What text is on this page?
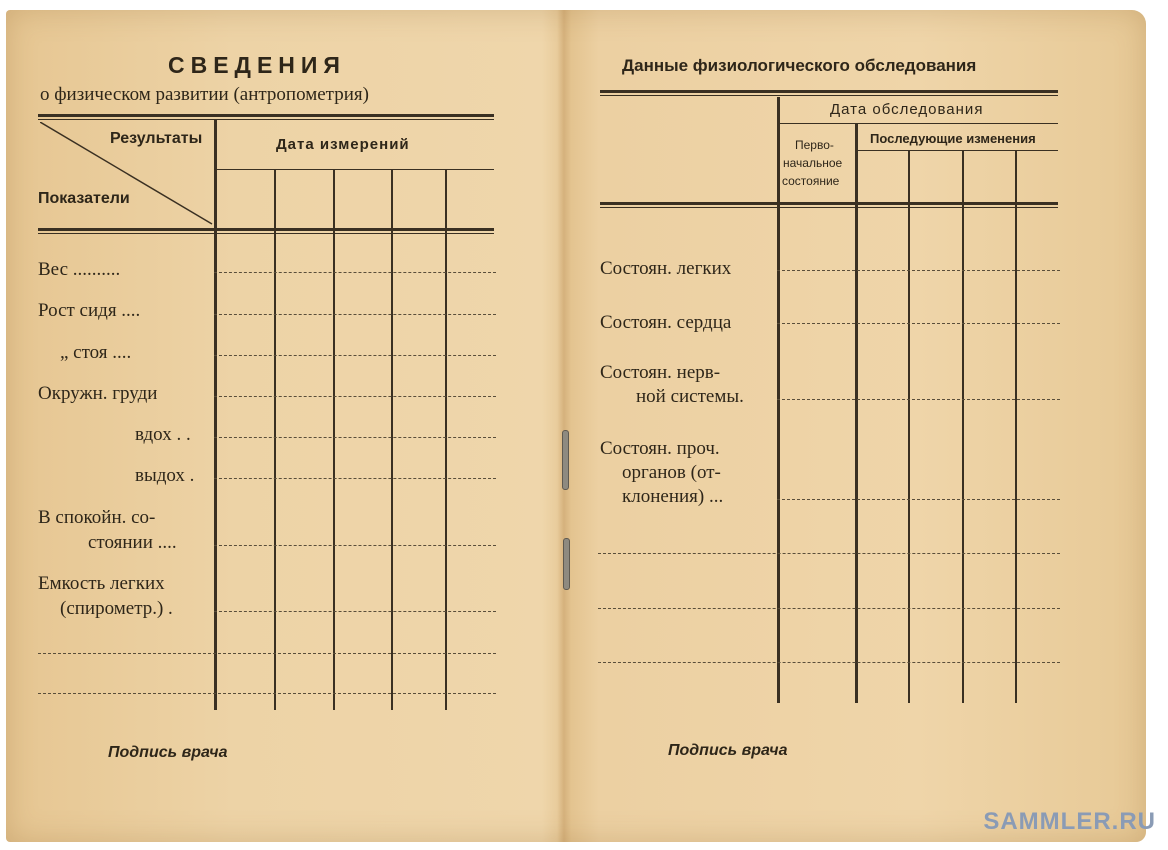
СВЕДЕНИЯ
о физическом развитии (антропометрия)
Результаты
Показатели
Дата измерений
Вес ..........
Рост сидя ....
„ стоя ....
Окружн. груди
вдох . .
выдох .
В спокойн. со-
стоянии ....
Емкость легких
(спирометр.) .
Подпись врача
Данные физиологического обследования
Дата обследования
Перво-
начальное
состояние
Последующие изменения
Состоян. легких
Состоян. сердца
Состоян. нерв-
ной системы.
Состоян. проч.
органов (от-
клонения) ...
Подпись врача
SAMMLER.RU
